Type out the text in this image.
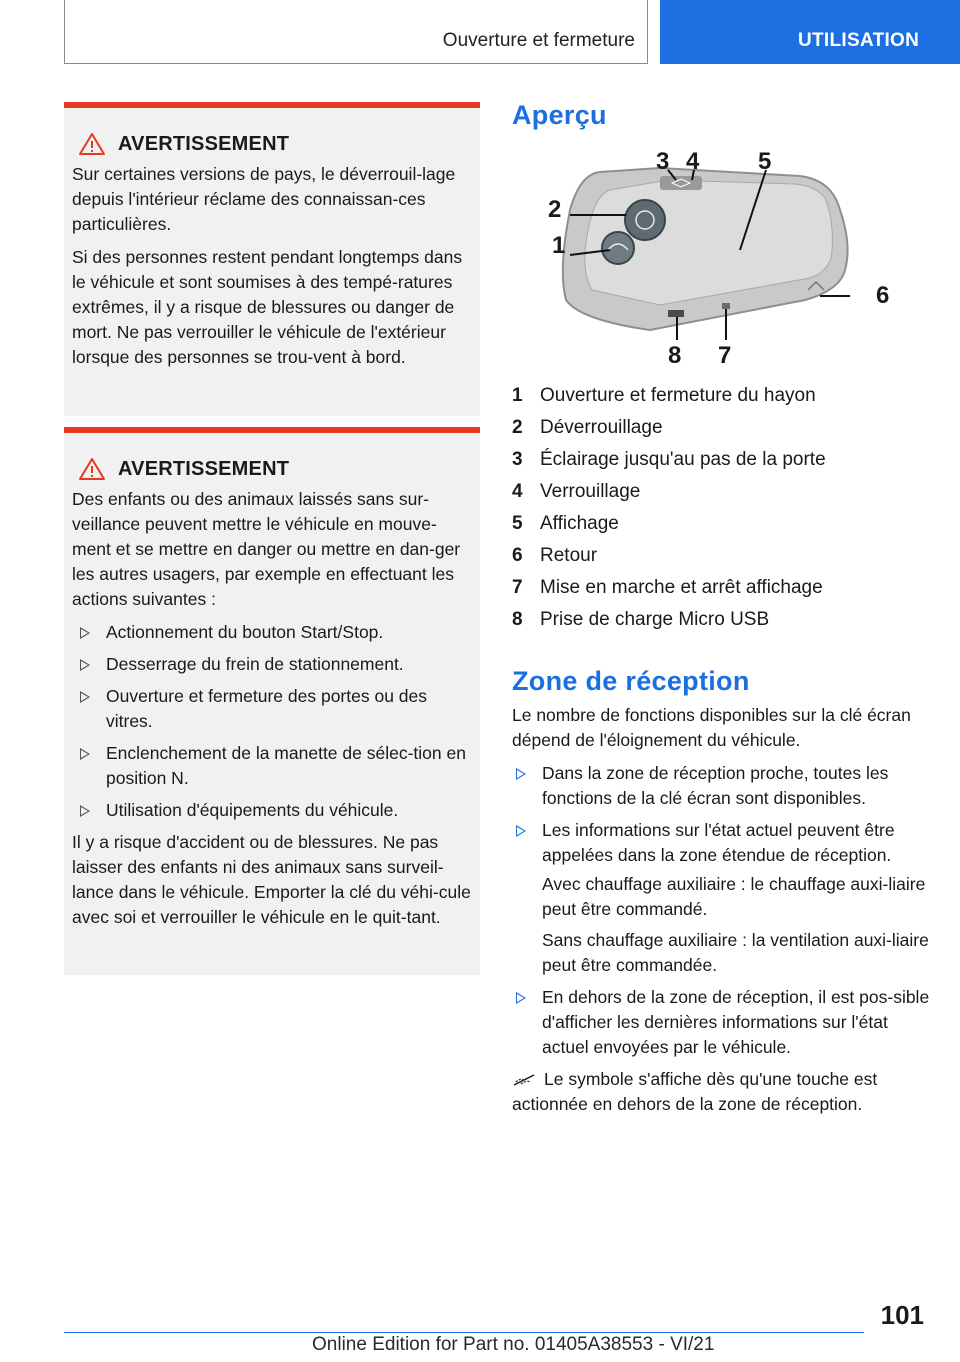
Ouverture et fermeture	UTILISATION
AVERTISSEMENT

Sur certaines versions de pays, le déverrouil-lage depuis l'intérieur réclame des connaissan-ces particulières.

Si des personnes restent pendant longtemps dans le véhicule et sont soumises à des tempé-ratures extrêmes, il y a risque de blessures ou danger de mort. Ne pas verrouiller le véhicule de l'extérieur lorsque des personnes se trou-vent à bord.

AVERTISSEMENT

Des enfants ou des animaux laissés sans sur-veillance peuvent mettre le véhicule en mouve-ment et se mettre en danger ou mettre en dan-ger les autres usagers, par exemple en effectuant les actions suivantes :

Actionnement du bouton Start/Stop.
Desserrage du frein de stationnement.
Ouverture et fermeture des portes ou des vitres.
Enclenchement de la manette de sélec-tion en position N.
Utilisation d'équipements du véhicule.

Il y a risque d'accident ou de blessures. Ne pas laisser des enfants ni des animaux sans surveil-lance dans le véhicule. Emporter la clé du véhi-cule avec soi et verrouiller le véhicule en le quit-tant.

Aperçu
1
2
3 4 5
6
7
8
1 Ouverture et fermeture du hayon
2 Déverrouillage
3 Éclairage jusqu'au pas de la porte
4 Verrouillage
5 Affichage
6 Retour
7 Mise en marche et arrêt affichage
8 Prise de charge Micro USB
Zone de réception

Le nombre de fonctions disponibles sur la clé écran dépend de l'éloignement du véhicule.

Dans la zone de réception proche, toutes les fonctions de la clé écran sont disponibles.
Les informations sur l'état actuel peuvent être appelées dans la zone étendue de réception.

Avec chauffage auxiliaire : le chauffage auxi-liaire peut être commandé.

Sans chauffage auxiliaire : la ventilation auxi-liaire peut être commandée.

En dehors de la zone de réception, il est pos-sible d'afficher les dernières informations sur l'état actuel envoyées par le véhicule.

Le symbole s'affiche dès qu'une touche est actionnée en dehors de la zone de réception.

101
Online Edition for Part no. 01405A38553 - VI/21
